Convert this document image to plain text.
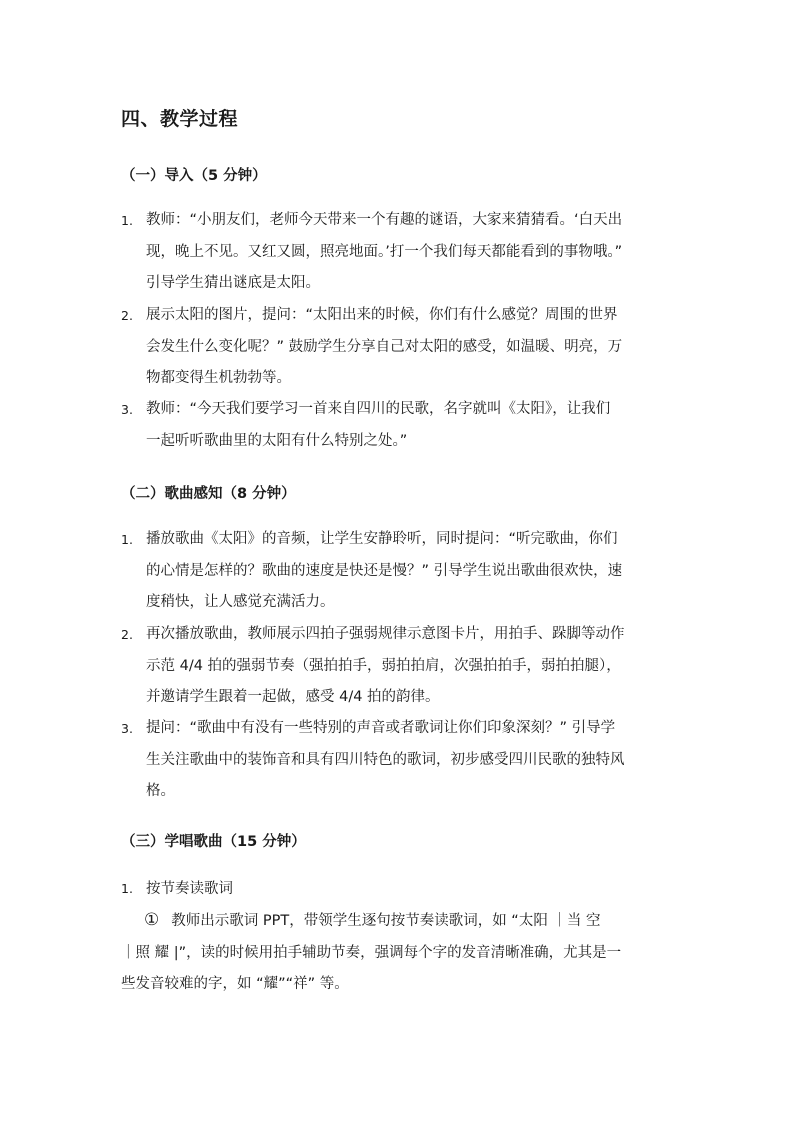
四、教学过程
（一）导入（5 分钟）
1. 教师：“小朋友们，老师今天带来一个有趣的谜语，大家来猜猜看。‘白天出
现，晚上不见。又红又圆，照亮地面。’打一个我们每天都能看到的事物哦。”
引导学生猜出谜底是太阳。
2. 展示太阳的图片，提问：“太阳出来的时候，你们有什么感觉？周围的世界
会发生什么变化呢？” 鼓励学生分享自己对太阳的感受，如温暖、明亮，万
物都变得生机勃勃等。
3. 教师：“今天我们要学习一首来自四川的民歌，名字就叫《太阳》，让我们
一起听听歌曲里的太阳有什么特别之处。”
（二）歌曲感知（8 分钟）
1. 播放歌曲《太阳》的音频，让学生安静聆听，同时提问：“听完歌曲，你们
的心情是怎样的？歌曲的速度是快还是慢？” 引导学生说出歌曲很欢快，速
度稍快，让人感觉充满活力。
2. 再次播放歌曲，教师展示四拍子强弱规律示意图卡片，用拍手、跺脚等动作
示范 4/4 拍的强弱节奏（强拍拍手，弱拍拍肩，次强拍拍手，弱拍拍腿），
并邀请学生跟着一起做，感受 4/4 拍的韵律。
3. 提问：“歌曲中有没有一些特别的声音或者歌词让你们印象深刻？” 引导学
生关注歌曲中的装饰音和具有四川特色的歌词，初步感受四川民歌的独特风
格。
（三）学唱歌曲（15 分钟）
1. 按节奏读歌词
① 教师出示歌词 PPT，带领学生逐句按节奏读歌词，如 “太阳 ｜当 空
｜照 耀 |”，读的时候用拍手辅助节奏，强调每个字的发音清晰准确，尤其是一
些发音较难的字，如 “耀”“祥” 等。
